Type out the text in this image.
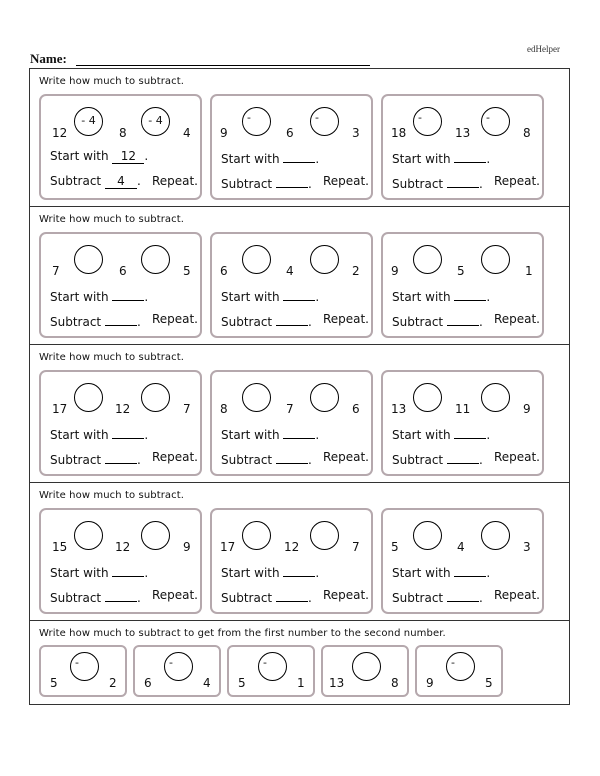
edHelper
Name:
Write how much to subtract.
12
- 4
8
- 4
4
Start with 12 .
Subtract 4 . Repeat.
9
-
6
-
3
Start with	.
Subtract	. Repeat.
18
-
13
-
8
Start with	.
Subtract	. Repeat.
Write how much to subtract.
7	6	5
Start with	.
Subtract	. Repeat.
6	4	2
Start with	.
Subtract	. Repeat.
9	5	1
Start with	.
Subtract	. Repeat.
Write how much to subtract.
17	12	7
Start with	.
Subtract	. Repeat.
8	7	6
Start with	.
Subtract	. Repeat.
13	11	9
Start with	.
Subtract	. Repeat.
Write how much to subtract.
15	12	9
Start with	.
Subtract	. Repeat.
17	12	7
Start with	.
Subtract	. Repeat.
5	4	3
Start with	.
Subtract	. Repeat.
Write how much to subtract to get from the first number to the second number.
5
-
2 6
-
4 5
-
1 13	8 9
-
5
